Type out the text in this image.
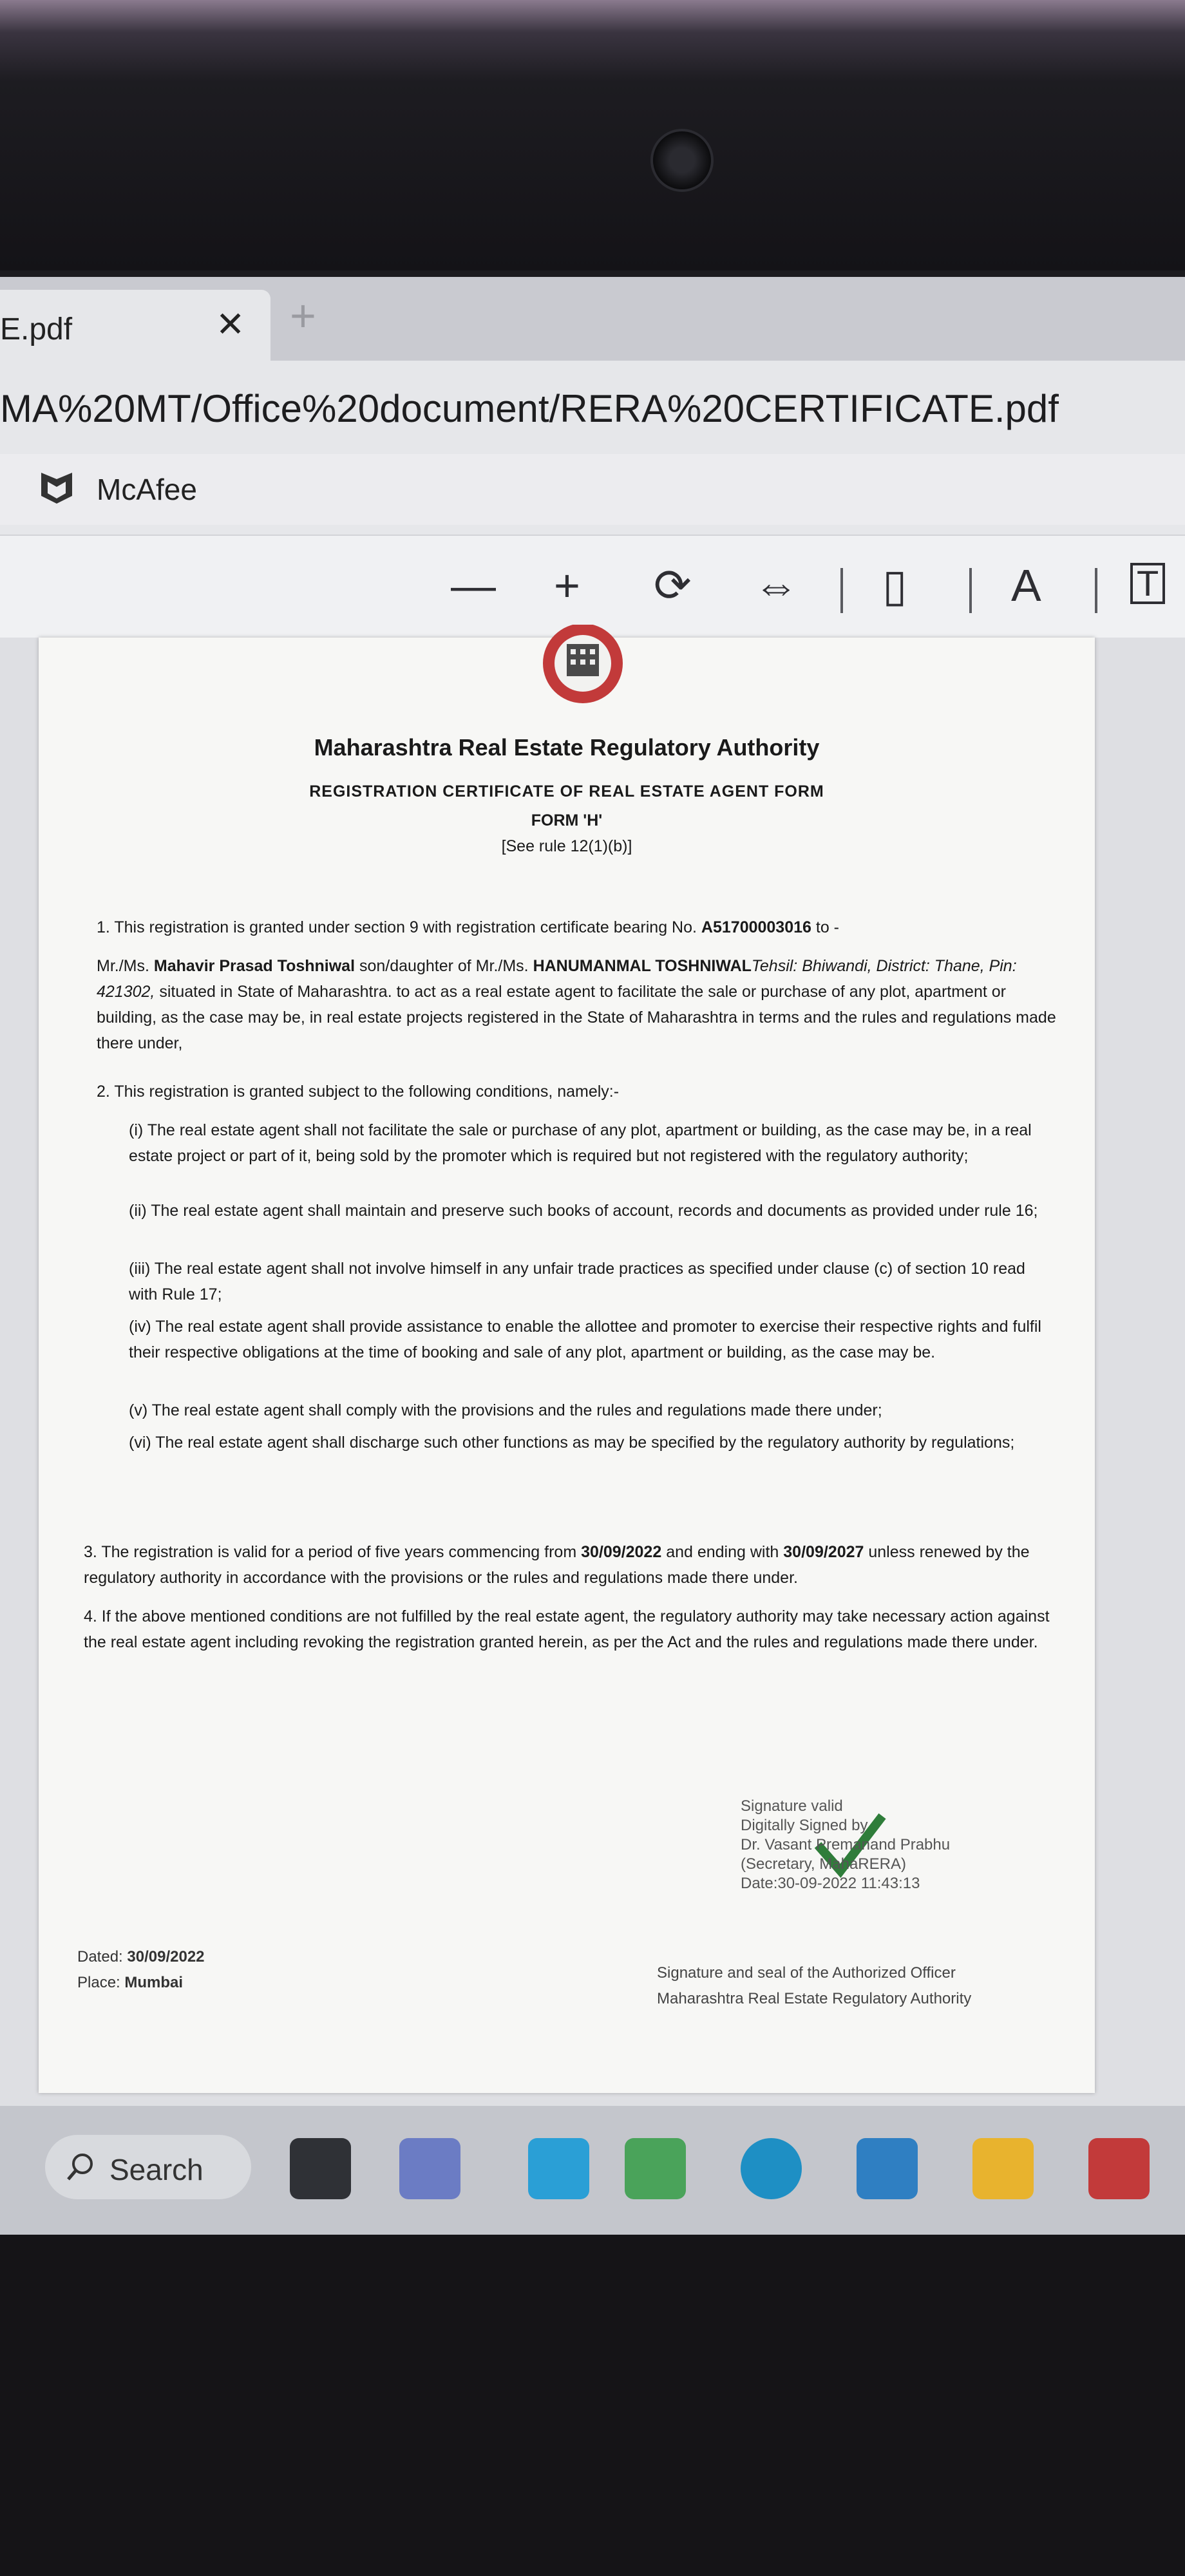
E.pdf	✕ +
MA%20MT/Office%20document/RERA%20CERTIFICATE.pdf
McAfee
— + ⟳ ⇔ ▯ A	T
Maharashtra Real Estate Regulatory Authority
REGISTRATION CERTIFICATE OF REAL ESTATE AGENT FORM
FORM 'H'
[See rule 12(1)(b)]
1. This registration is granted under section 9 with registration certificate bearing No. A51700003016 to -
Mr./Ms. Mahavir Prasad Toshniwal son/daughter of Mr./Ms. HANUMANMAL TOSHNIWALTehsil: Bhiwandi, District: Thane, Pin: 421302, situated in State of Maharashtra. to act as a real estate agent to facilitate the sale or purchase of any plot, apartment or building, as the case may be, in real estate projects registered in the State of Maharashtra in terms and the rules and regulations made there under,
2. This registration is granted subject to the following conditions, namely:-
(i) The real estate agent shall not facilitate the sale or purchase of any plot, apartment or building, as the case may be, in a real estate project or part of it, being sold by the promoter which is required but not registered with the regulatory authority;
(ii) The real estate agent shall maintain and preserve such books of account, records and documents as provided under rule 16;
(iii) The real estate agent shall not involve himself in any unfair trade practices as specified under clause (c) of section 10 read with Rule 17;
(iv) The real estate agent shall provide assistance to enable the allottee and promoter to exercise their respective rights and fulfil their respective obligations at the time of booking and sale of any plot, apartment or building, as the case may be.
(v) The real estate agent shall comply with the provisions and the rules and regulations made there under;
(vi) The real estate agent shall discharge such other functions as may be specified by the regulatory authority by regulations;
3. The registration is valid for a period of five years commencing from 30/09/2022 and ending with 30/09/2027 unless renewed by the regulatory authority in accordance with the provisions or the rules and regulations made there under.
4. If the above mentioned conditions are not fulfilled by the real estate agent, the regulatory authority may take necessary action against the real estate agent including revoking the registration granted herein, as per the Act and the rules and regulations made there under.
Signature valid
Digitally Signed by
Dr. Vasant Premanand Prabhu
(Secretary, MahaRERA)
Date:30-09-2022 11:43:13
Dated: 30/09/2022
Place: Mumbai
Signature and seal of the Authorized Officer
Maharashtra Real Estate Regulatory Authority
Search
